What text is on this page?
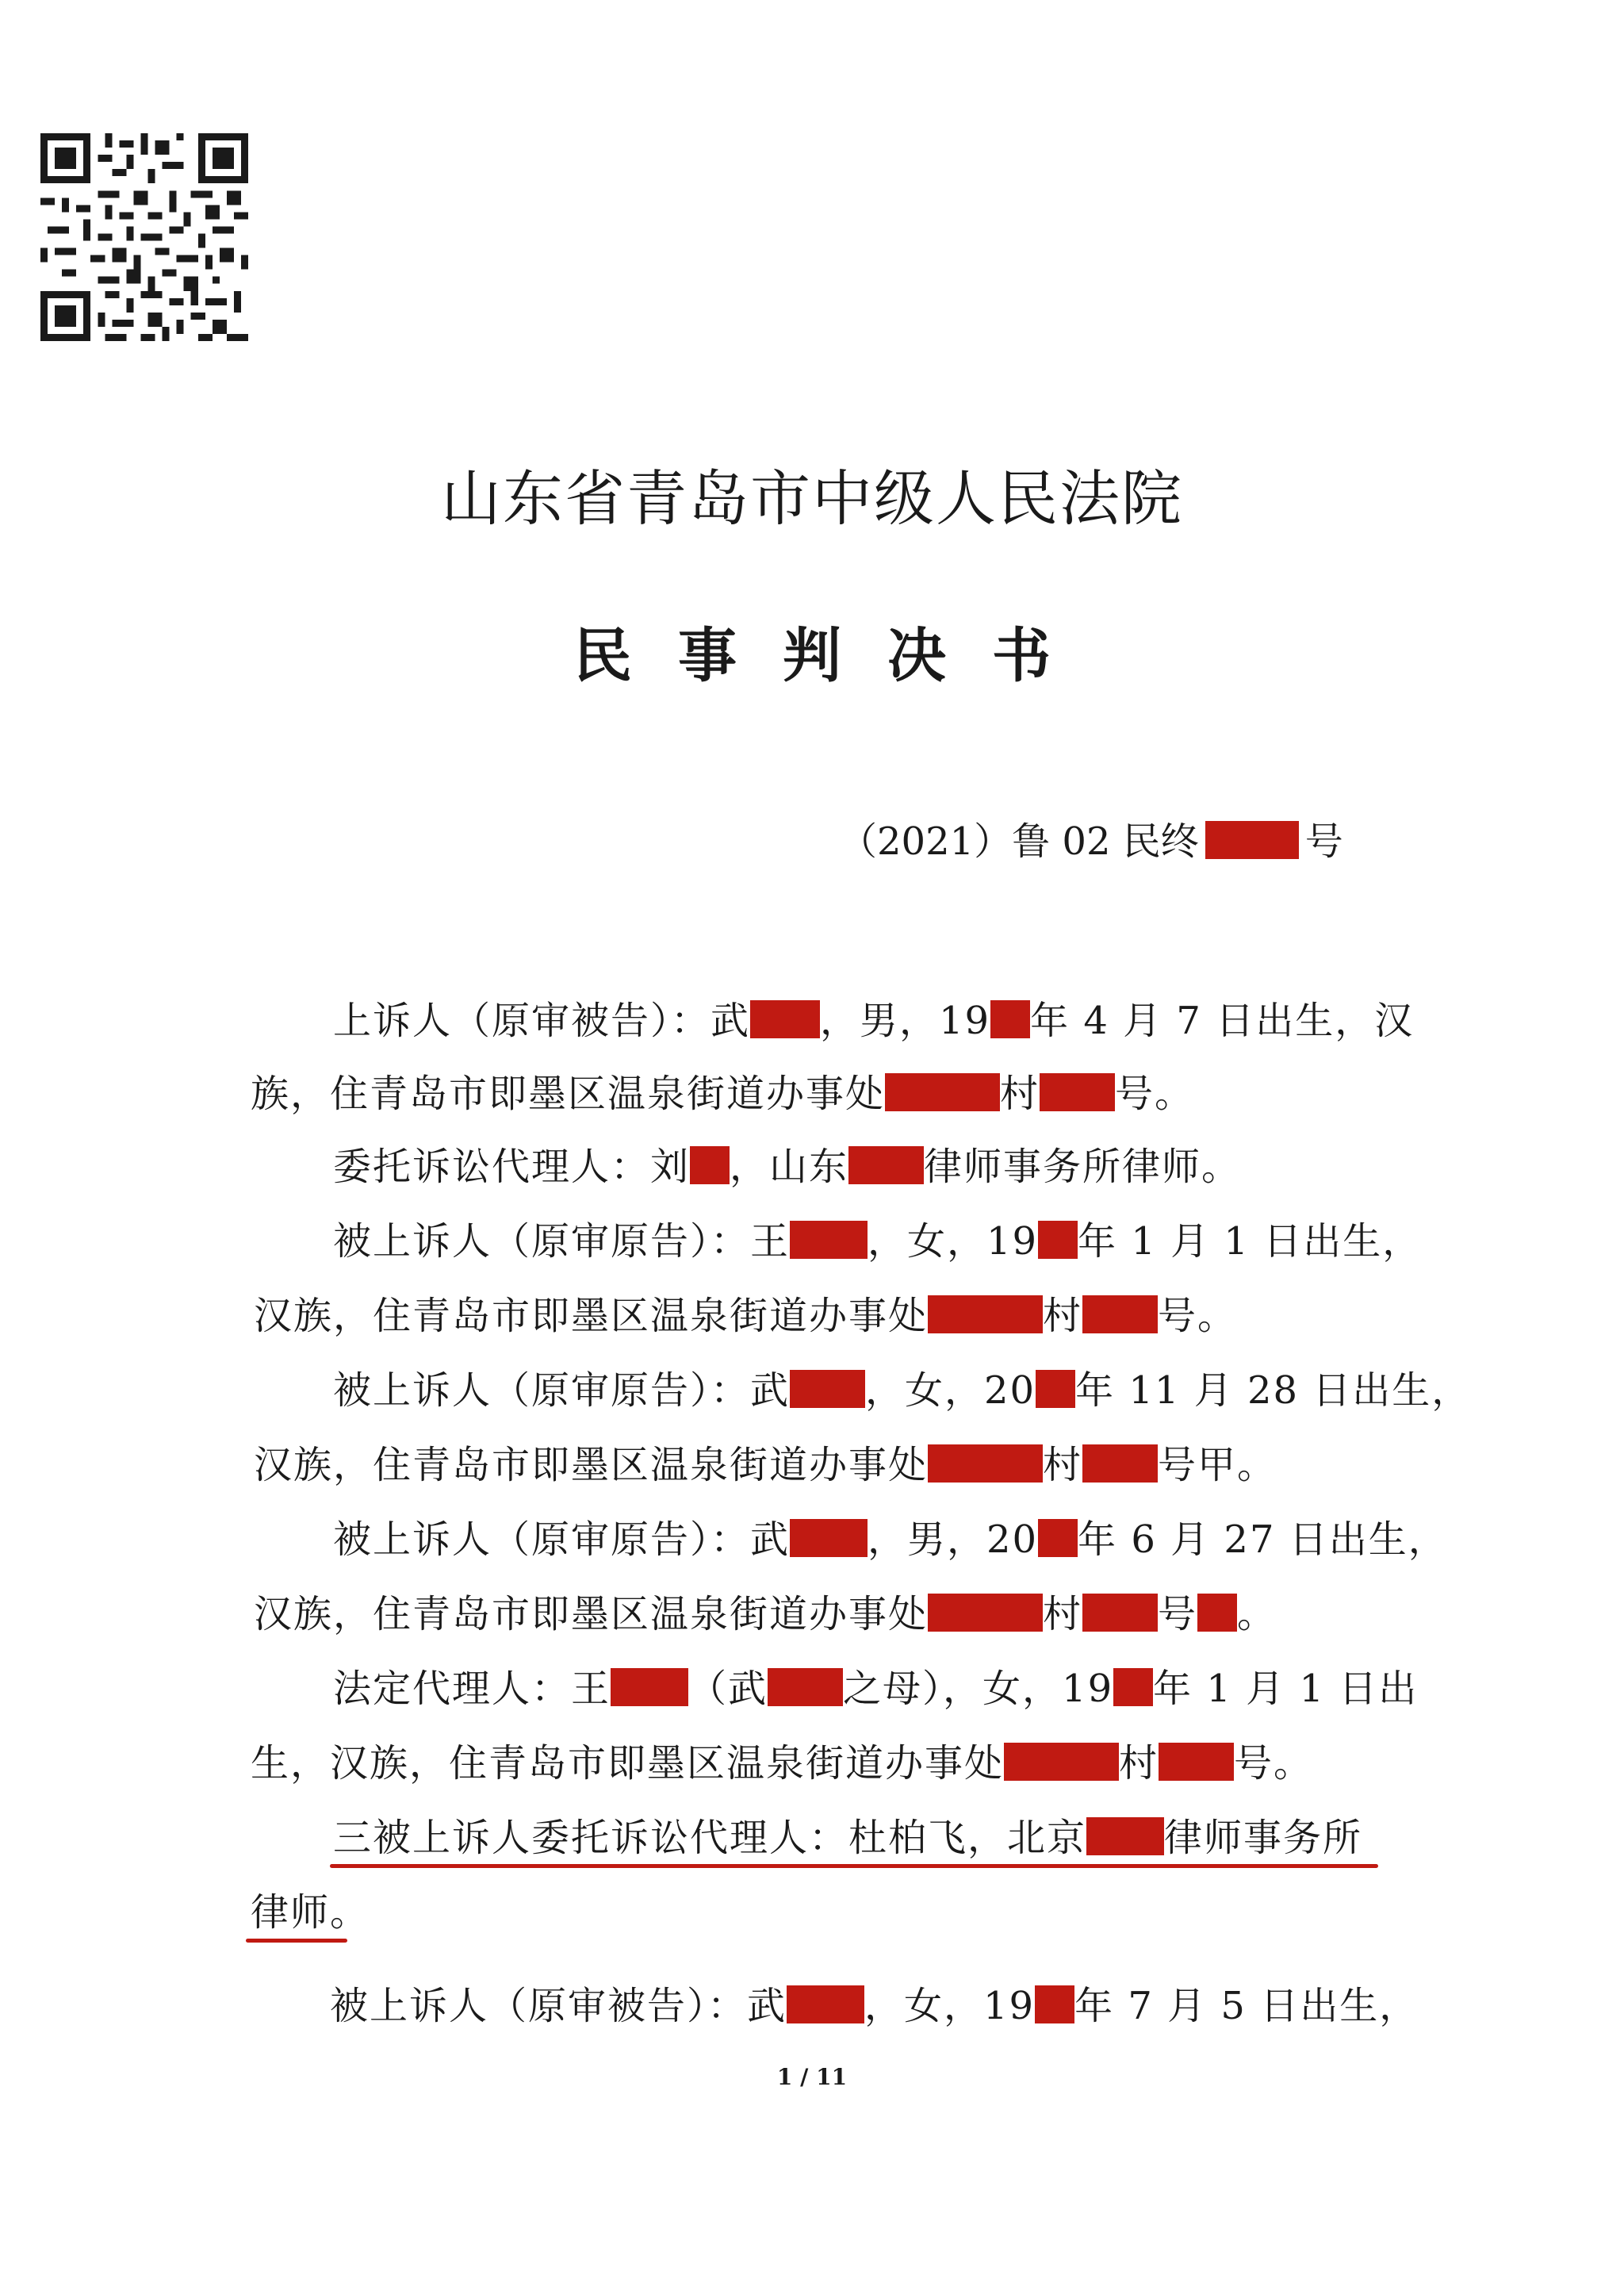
山东省青岛市中级人民法院
民事判决书
（2021）鲁 02 民终	号
上诉人（原审被告）：武 ，男，19 年 4 月 7 日出生，汉
族，住青岛市即墨区温泉街道办事处	村 号。
委托诉讼代理人：刘 ，山东 律师事务所律师。
被上诉人（原审原告）：王 ，女，19 年 1 月 1 日出生，
汉族，住青岛市即墨区温泉街道办事处	村 号。
被上诉人（原审原告）：武 ，女，20 年 11 月 28 日出生，
汉族，住青岛市即墨区温泉街道办事处	村 号甲。
被上诉人（原审原告）：武 ，男，20 年 6 月 27 日出生，
汉族，住青岛市即墨区温泉街道办事处	村 号 。
法定代理人：王 （武 之母），女，19 年 1 月 1 日出
生，汉族，住青岛市即墨区温泉街道办事处	村 号。
三被上诉人委托诉讼代理人：杜柏飞，北京 律师事务所
律师。
被上诉人（原审被告）：武 ，女，19 年 7 月 5 日出生，
1 / 11
